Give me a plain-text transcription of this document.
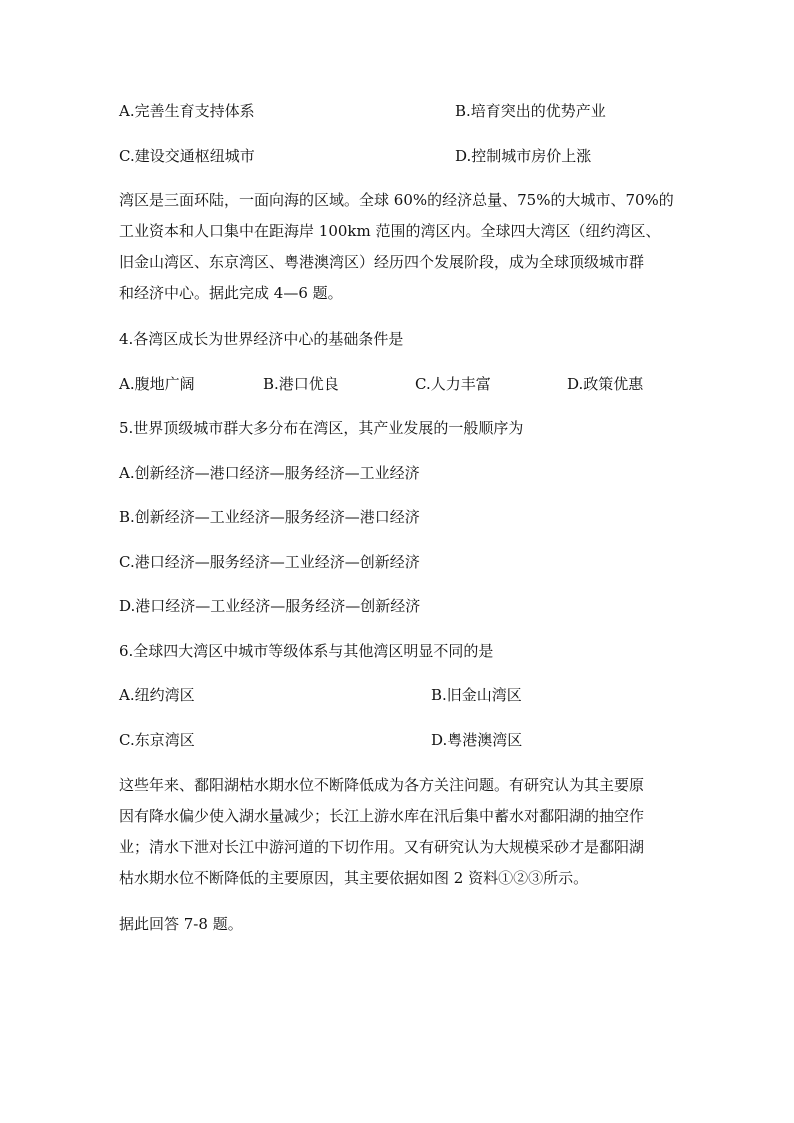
A.完善生育支持体系	B.培育突出的优势产业
C.建设交通枢纽城市	D.控制城市房价上涨
湾区是三面环陆，一面向海的区域。全球 60%的经济总量、75%的大城市、70%的
工业资本和人口集中在距海岸 100km 范围的湾区内。全球四大湾区（纽约湾区、
旧金山湾区、东京湾区、粤港澳湾区）经历四个发展阶段，成为全球顶级城市群
和经济中心。据此完成 4—6 题。
4.各湾区成长为世界经济中心的基础条件是
A.腹地广阔	B.港口优良	C.人力丰富	D.政策优惠
5.世界顶级城市群大多分布在湾区，其产业发展的一般顺序为
A.创新经济—港口经济—服务经济—工业经济
B.创新经济—工业经济—服务经济—港口经济
C.港口经济—服务经济—工业经济—创新经济
D.港口经济—工业经济—服务经济—创新经济
6.全球四大湾区中城市等级体系与其他湾区明显不同的是
A.纽约湾区	B.旧金山湾区
C.东京湾区	D.粤港澳湾区
这些年来、鄱阳湖枯水期水位不断降低成为各方关注问题。有研究认为其主要原
因有降水偏少使入湖水量减少；长江上游水库在汛后集中蓄水对鄱阳湖的抽空作
业；清水下泄对长江中游河道的下切作用。又有研究认为大规模采砂才是鄱阳湖
枯水期水位不断降低的主要原因，其主要依据如图 2 资料①②③所示。
据此回答 7-8 题。
